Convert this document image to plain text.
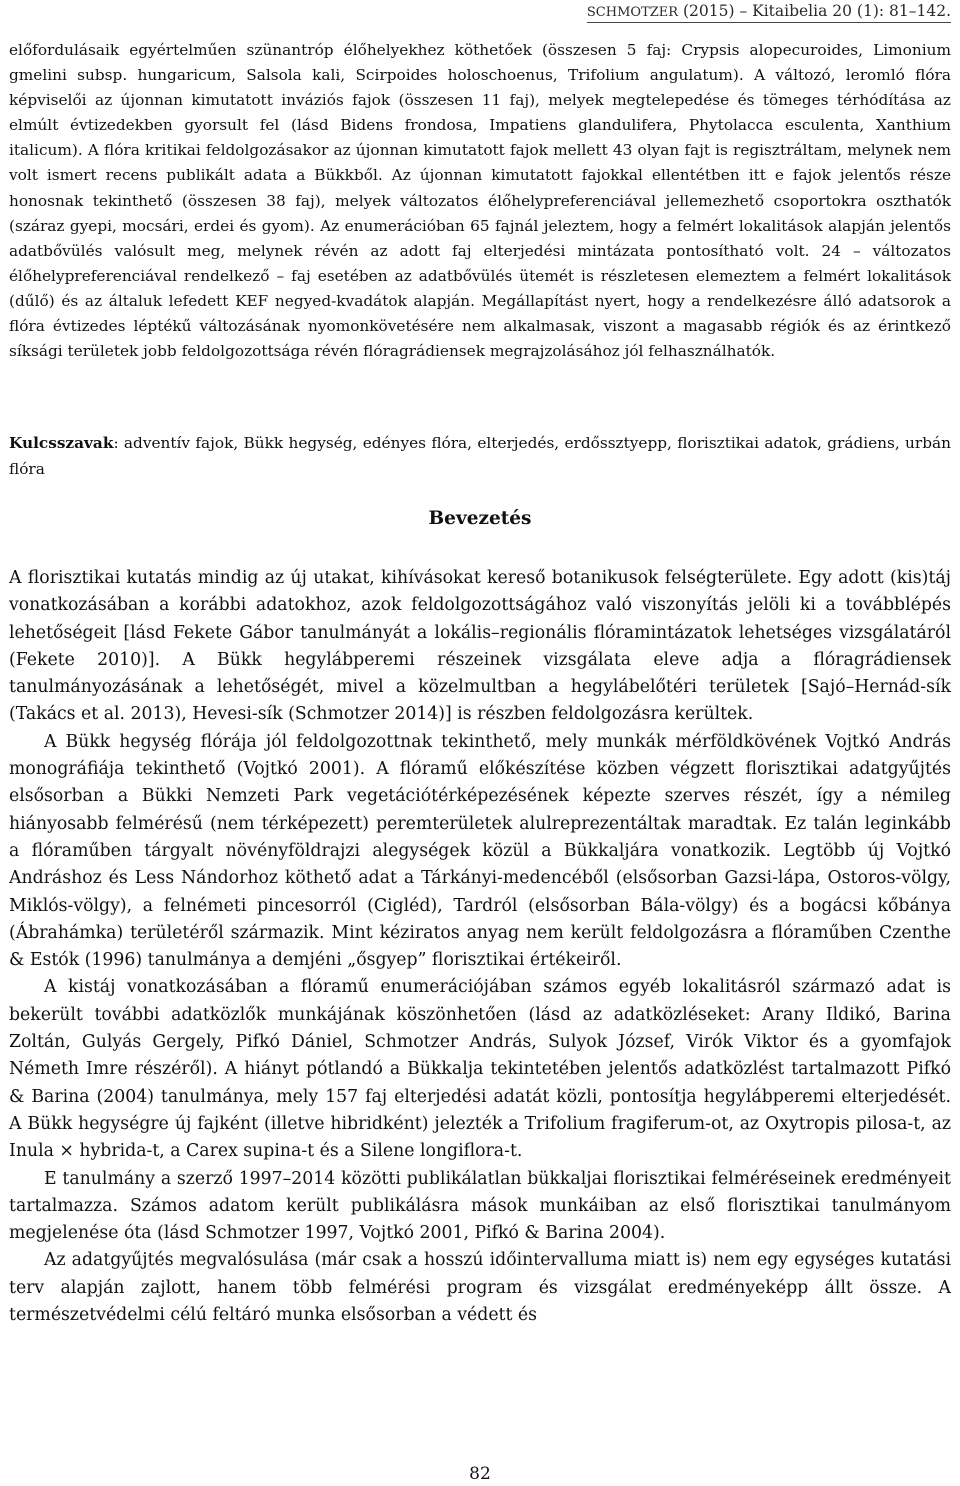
SCHMOTZER (2015) – Kitaibelia 20 (1): 81–142.

előfordulásaik egyértelműen szünantróp élőhelyekhez köthetőek (összesen 5 faj: Crypsis alopecuroides, Limonium gmelini subsp. hungaricum, Salsola kali, Scirpoides holoschoenus, Trifolium angulatum). A változó, leromló flóra képviselői az újonnan kimutatott inváziós fajok (összesen 11 faj), melyek megtelepedése és tömeges térhódítása az elmúlt évtizedekben gyorsult fel (lásd Bidens frondosa, Impatiens glandulifera, Phytolacca esculenta, Xanthium italicum). A flóra kritikai feldolgozásakor az újonnan kimutatott fajok mellett 43 olyan fajt is regisztráltam, melynek nem volt ismert recens publikált adata a Bükkből. Az újonnan kimutatott fajokkal ellentétben itt e fajok jelentős része honosnak tekinthető (összesen 38 faj), melyek változatos élőhelypreferenciával jellemezhető csoportokra oszthatók (száraz gyepi, mocsári, erdei és gyom). Az enumerációban 65 fajnál jeleztem, hogy a felmért lokalitások alapján jelentős adatbővülés valósult meg, melynek révén az adott faj elterjedési mintázata pontosítható volt. 24 – változatos élőhelypreferenciával rendelkező – faj esetében az adatbővülés ütemét is részletesen elemeztem a felmért lokalitások (dűlő) és az általuk lefedett KEF negyed-kvadátok alapján. Megállapítást nyert, hogy a rendelkezésre álló adatsorok a flóra évtizedes léptékű változásának nyomonkövetésére nem alkalmasak, viszont a magasabb régiók és az érintkező síksági területek jobb feldolgozottsága révén flóragrádiensek megrajzolásához jól felhasználhatók.

Kulcsszavak: adventív fajok, Bükk hegység, edényes flóra, elterjedés, erdőssztyepp, florisztikai adatok, grádiens, urbán flóra

Bevezetés

A florisztikai kutatás mindig az új utakat, kihívásokat kereső botanikusok felségterülete. Egy adott (kis)táj vonatkozásában a korábbi adatokhoz, azok feldolgozottságához való viszonyítás jelöli ki a továbblépés lehetőségeit [lásd Fekete Gábor tanulmányát a lokális–regionális flóramintázatok lehetséges vizsgálatáról (Fekete 2010)]. A Bükk hegylábperemi részeinek vizsgálata eleve adja a flóragrádiensek tanulmányozásának a lehetőségét, mivel a közelmultban a hegylábelőtéri területek [Sajó–Hernád-sík (Takács et al. 2013), Hevesi-sík (Schmotzer 2014)] is részben feldolgozásra kerültek.

A Bükk hegység flórája jól feldolgozottnak tekinthető, mely munkák mérföldkövének Vojtkó András monográfiája tekinthető (Vojtkó 2001). A flóramű előkészítése közben végzett florisztikai adatgyűjtés elsősorban a Bükki Nemzeti Park vegetációtérképezésének képezte szerves részét, így a némileg hiányosabb felmérésű (nem térképezett) peremterületek alulreprezentáltak maradtak. Ez talán leginkább a flóraműben tárgyalt növényföldrajzi alegységek közül a Bükkaljára vonatkozik. Legtöbb új Vojtkó Andráshoz és Less Nándorhoz köthető adat a Tárkányi-medencéből (elsősorban Gazsi-lápa, Ostoros-völgy, Miklós-völgy), a felnémeti pincesorról (Cigléd), Tardról (elsősorban Bála-völgy) és a bogácsi kőbánya (Ábrahámka) területéről származik. Mint kéziratos anyag nem került feldolgozásra a flóraműben Czenthe & Estók (1996) tanulmánya a demjéni „ősgyep” florisztikai értékeiről.

A kistáj vonatkozásában a flóramű enumerációjában számos egyéb lokalitásról származó adat is bekerült további adatközlők munkájának köszönhetően (lásd az adatközléseket: Arany Ildikó, Barina Zoltán, Gulyás Gergely, Pifkó Dániel, Schmotzer András, Sulyok József, Virók Viktor és a gyomfajok Németh Imre részéről). A hiányt pótlandó a Bükkalja tekintetében jelentős adatközlést tartalmazott Pifkó & Barina (2004) tanulmánya, mely 157 faj elterjedési adatát közli, pontosítja hegylábperemi elterjedését. A Bükk hegységre új fajként (illetve hibridként) jelezték a Trifolium fragiferum-ot, az Oxytropis pilosa-t, az Inula × hybrida-t, a Carex supina-t és a Silene longiflora-t.

E tanulmány a szerző 1997–2014 közötti publikálatlan bükkaljai florisztikai felméréseinek eredményeit tartalmazza. Számos adatom került publikálásra mások munkáiban az első florisztikai tanulmányom megjelenése óta (lásd Schmotzer 1997, Vojtkó 2001, Pifkó & Barina 2004).

Az adatgyűjtés megvalósulása (már csak a hosszú időintervalluma miatt is) nem egy egységes kutatási terv alapján zajlott, hanem több felmérési program és vizsgálat eredményeképp állt össze. A természetvédelmi célú feltáró munka elsősorban a védett és

82
